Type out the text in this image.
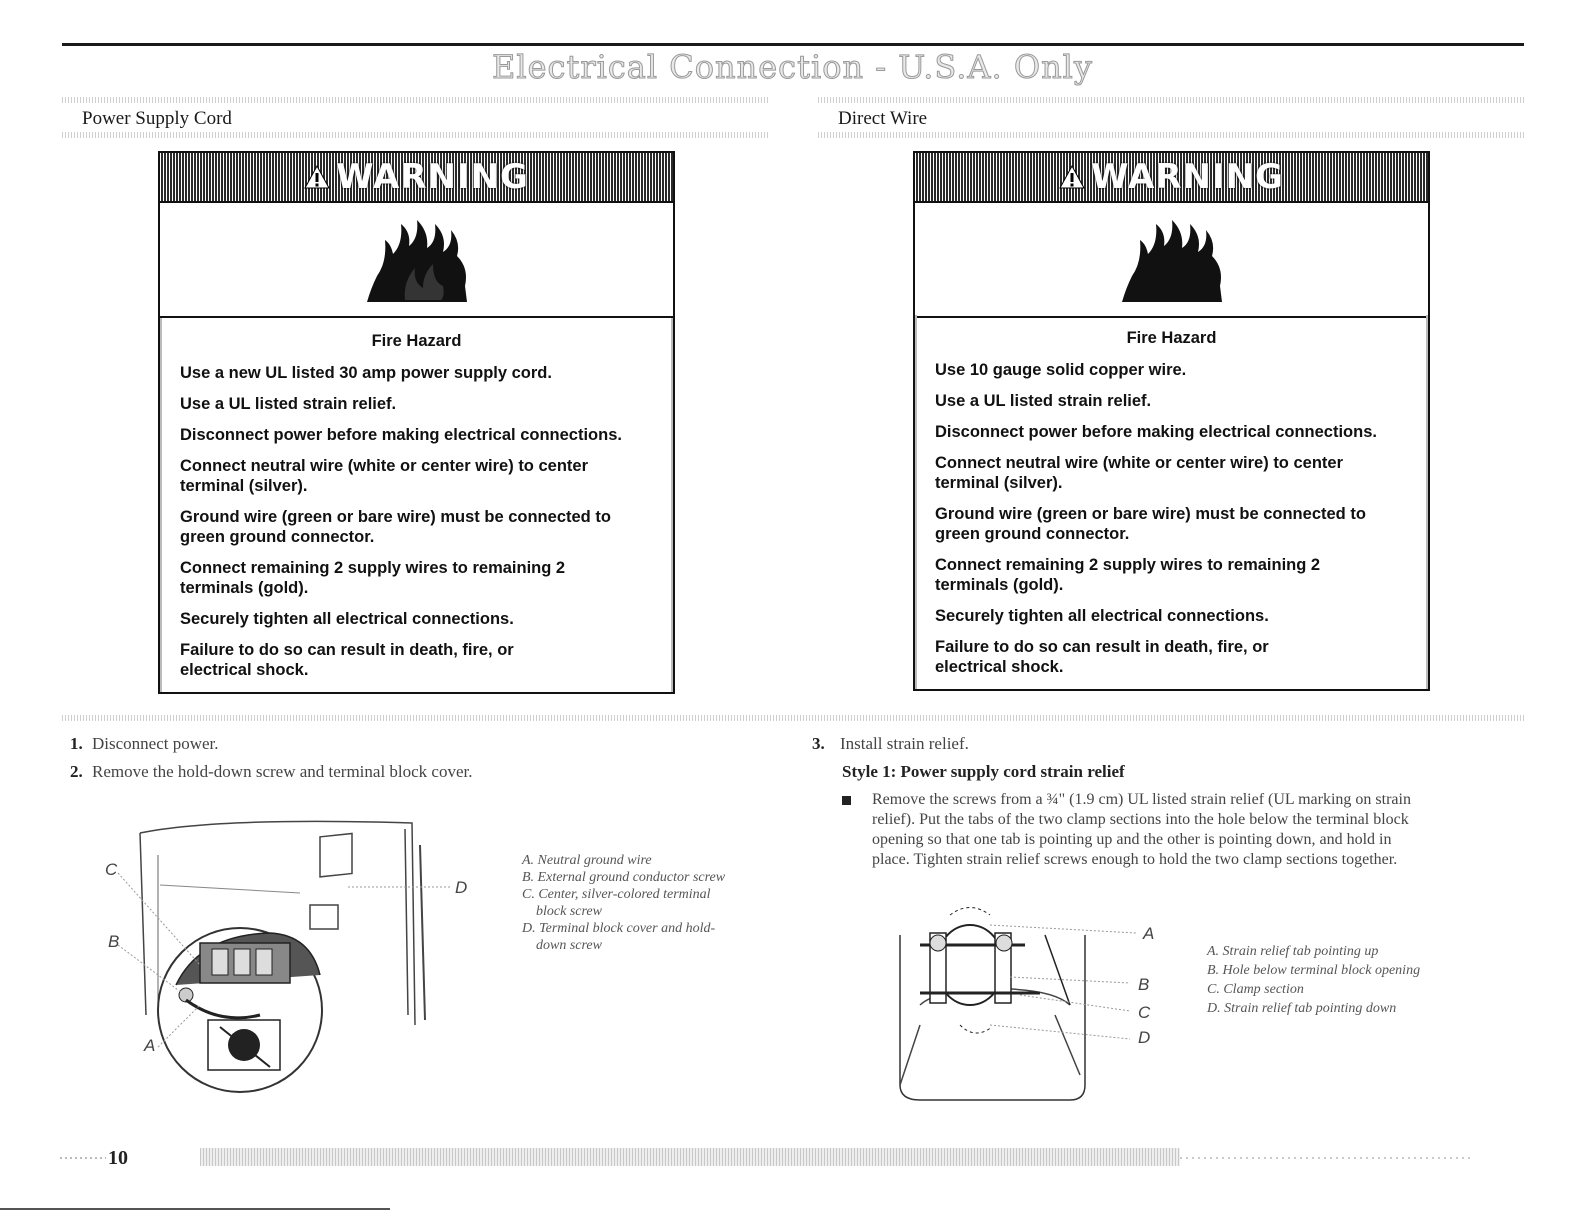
Electrical Connection - U.S.A. Only
Power Supply Cord	Direct Wire
WARNING
Fire Hazard
Use a new UL listed 30 amp power supply cord.
Use a UL listed strain relief.
Disconnect power before making electrical connections.
Connect neutral wire (white or center wire) to center terminal (silver).
Ground wire (green or bare wire) must be connected to green ground connector.
Connect remaining 2 supply wires to remaining 2 terminals (gold).
Securely tighten all electrical connections.
Failure to do so can result in death, fire, or electrical shock.
WARNING
Fire Hazard
Use 10 gauge solid copper wire.
Use a UL listed strain relief.
Disconnect power before making electrical connections.
Connect neutral wire (white or center wire) to center terminal (silver).
Ground wire (green or bare wire) must be connected to green ground connector.
Connect remaining 2 supply wires to remaining 2 terminals (gold).
Securely tighten all electrical connections.
Failure to do so can result in death, fire, or electrical shock.
1. Disconnect power.
2. Remove the hold-down screw and terminal block cover.
3. Install strain relief.
C
B
A
D
A. Neutral ground wire
B. External ground conductor screw
C. Center, silver-colored terminal
block screw
D. Terminal block cover and hold-
down screw
Style 1: Power supply cord strain relief
Remove the screws from a ¾" (1.9 cm) UL listed strain relief (UL marking on strain
relief). Put the tabs of the two clamp sections into the hole below the terminal block
opening so that one tab is pointing up and the other is pointing down, and hold in
place. Tighten strain relief screws enough to hold the two clamp sections together.
A
B
C
D
A. Strain relief tab pointing up
B. Hole below terminal block opening
C. Clamp section
D. Strain relief tab pointing down
10
